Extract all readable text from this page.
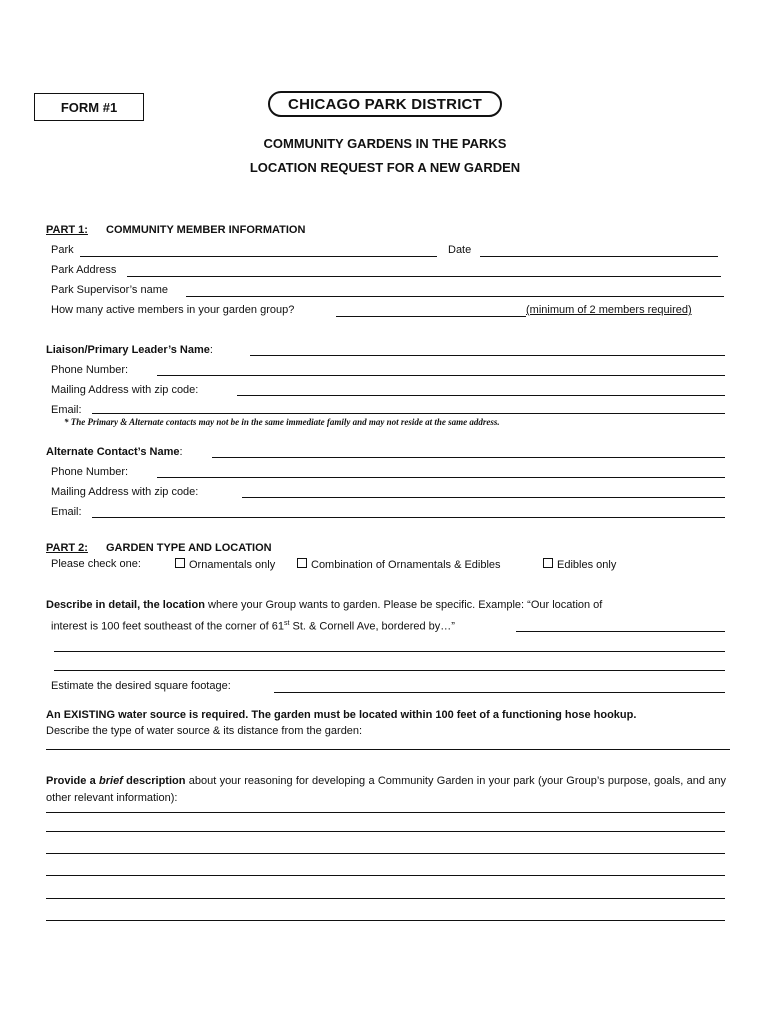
FORM #1	CHICAGO PARK DISTRICT
COMMUNITY GARDENS IN THE PARKS
LOCATION REQUEST FOR A NEW GARDEN
PART 1: COMMUNITY MEMBER INFORMATION
Park	Date
Park Address
Park Supervisor’s name
How many active members in your garden group?	(minimum of 2 members required)
Liaison/Primary Leader’s Name:
Phone Number:
Mailing Address with zip code:
Email:
* The Primary & Alternate contacts may not be in the same immediate family and may not reside at the same address.
Alternate Contact’s Name:
Phone Number:
Mailing Address with zip code:
Email:
PART 2: GARDEN TYPE AND LOCATION
Please check one:	Ornamentals only	Combination of Ornamentals & Edibles	Edibles only
Describe in detail, the location where your Group wants to garden. Please be specific. Example: “Our location of
interest is 100 feet southeast of the corner of 61st St. & Cornell Ave, bordered by…”
Estimate the desired square footage:
An EXISTING water source is required. The garden must be located within 100 feet of a functioning hose hookup.
Describe the type of water source & its distance from the garden:
Provide a brief description about your reasoning for developing a Community Garden in your park (your Group’s purpose, goals, and any other relevant information):
